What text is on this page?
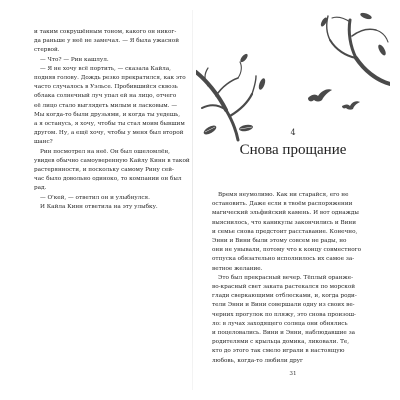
и таким сокрушённым тоном, какого он никог-
да раньше у неё не замечал. — Я была ужасной
стервой.
— Что? — Рин кашлул.
— Я не хочу всё портить, — сказала Кайла,
подняв голову. Дождь резко прекратился, как это
часто случалось в Уэльсе. Пробившийся сквозь
облака солнечный луч упал ей на лицо, отчего
её лицо стало выглядеть милым и ласковым. —
Мы когда-то были друзьями, и когда ты уедешь,
а я останусь, я хочу, чтобы ты стал моим бывшим
другом. Ну, а ещё хочу, чтобы у меня был второй
шанс?
Рин посмотрел на неё. Он был ошеломлён,
увидев обычно самоуверенную Кайлу Кинн в такой
растерянности, и поскольку самому Рину сей-
час было довольно одиноко, то компании он был
рад.
— О'кей, — ответил он и улыбнулся.
И Кайла Кинн ответила на эту улыбку.
4
Снова прощание
Время неумолимо. Как ни старайся, его не
остановить. Даже если в твоём распоряжении
магический эльфийский камень. И вот однажды
выяснилось, что каникулы закончились и Вини
и семье снова предстоит расставание. Конечно,
Энни и Вини были этому совсем не рады, но
они не унывали, потому что к концу совместного
отпуска обязательно исполнилось их самое за-
ветное желание.
Это был прекрасный вечер. Тёплый оранже-
во-красный свет заката растекался по морской
глади сверкающими отблесками, и, когда роди-
тели Энни и Вини совершали одну из своих ве-
черних прогулок по пляжу, это снова произош-
ло: в лучах заходящего солнца они обнялись
и поцеловались. Вини и Энни, наблюдавшие за
родителями с крыльца домика, ликовали. Те,
кто до этого так смело играли в настоящую
любовь, когда-то любили друг
31
